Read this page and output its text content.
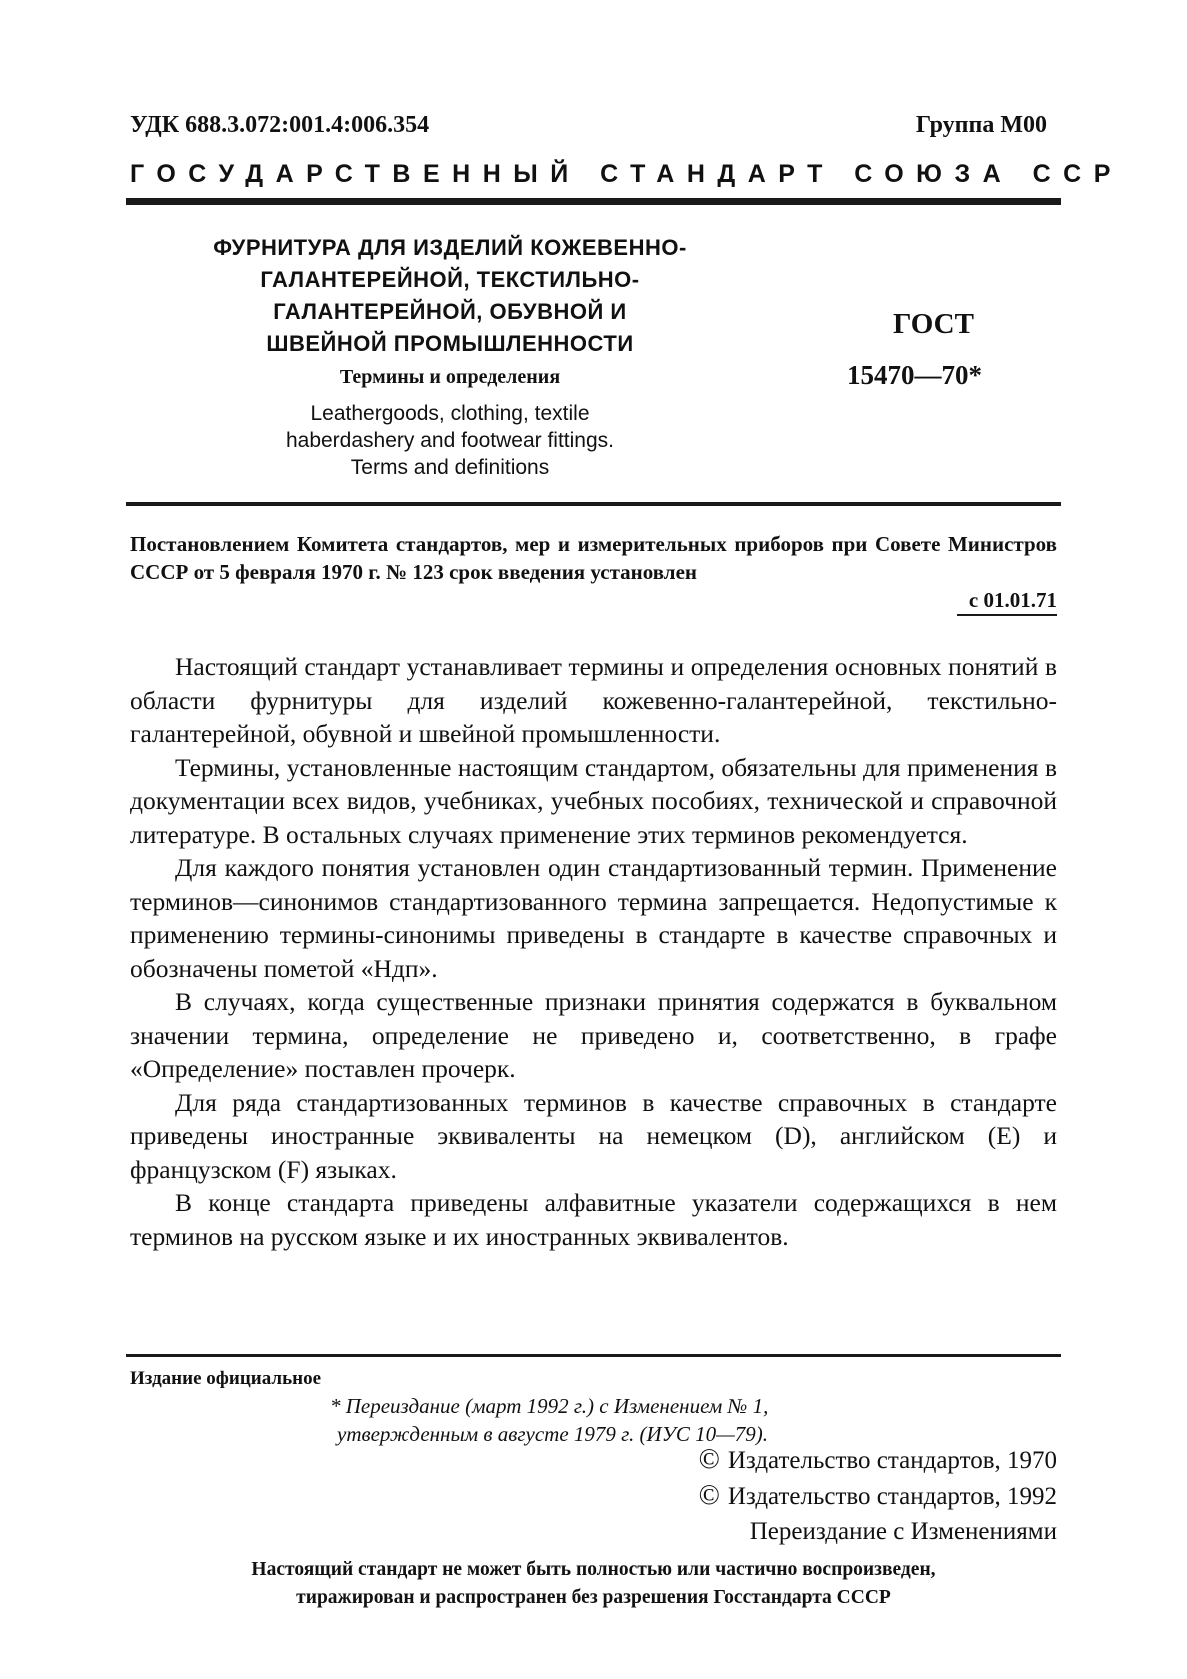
УДК 688.3.072:001.4:006.354	Группа М00
ГОСУДАРСТВЕННЫЙ СТАНДАРТ СОЮЗА ССР
ФУРНИТУРА ДЛЯ ИЗДЕЛИЙ КОЖЕВЕННО-
ГАЛАНТЕРЕЙНОЙ, ТЕКСТИЛЬНО-
ГАЛАНТЕРЕЙНОЙ, ОБУВНОЙ И
ШВЕЙНОЙ ПРОМЫШЛЕННОСТИ
Термины и определения
Leathergoods, clothing, textile
haberdashery and footwear fittings.
Terms and definitions
ГОСТ
15470—70*
Постановлением Комитета стандартов, мер и измерительных приборов при Совете Министров СССР от 5 февраля 1970 г. № 123 срок введения установлен
с 01.01.71

Настоящий стандарт устанавливает термины и определения основных понятий в области фурнитуры для изделий кожевенно-галантерейной, текстильно-галантерейной, обувной и швейной промышленности.

Термины, установленные настоящим стандартом, обязательны для применения в документации всех видов, учебниках, учебных пособиях, технической и справочной литературе. В остальных случаях применение этих терминов рекомендуется.

Для каждого понятия установлен один стандартизованный термин. Применение терминов—синонимов стандартизованного термина запрещается. Недопустимые к применению термины-синонимы приведены в стандарте в качестве справочных и обозначены пометой «Ндп».

В случаях, когда существенные признаки принятия содержатся в буквальном значении термина, определение не приведено и, соответственно, в графе «Определение» поставлен прочерк.

Для ряда стандартизованных терминов в качестве справочных в стандарте приведены иностранные эквиваленты на немецком (D), английском (E) и французском (F) языках.

В конце стандарта приведены алфавитные указатели содержащихся в нем терминов на русском языке и их иностранных эквивалентов.

Издание официальное
* Переиздание (март 1992 г.) с Изменением № 1,
утвержденным в августе 1979 г. (ИУС 10—79).
© Издательство стандартов, 1970
© Издательство стандартов, 1992
Переиздание с Изменениями
Настоящий стандарт не может быть полностью или частично воспроизведен,
тиражирован и распространен без разрешения Госстандарта СССР
